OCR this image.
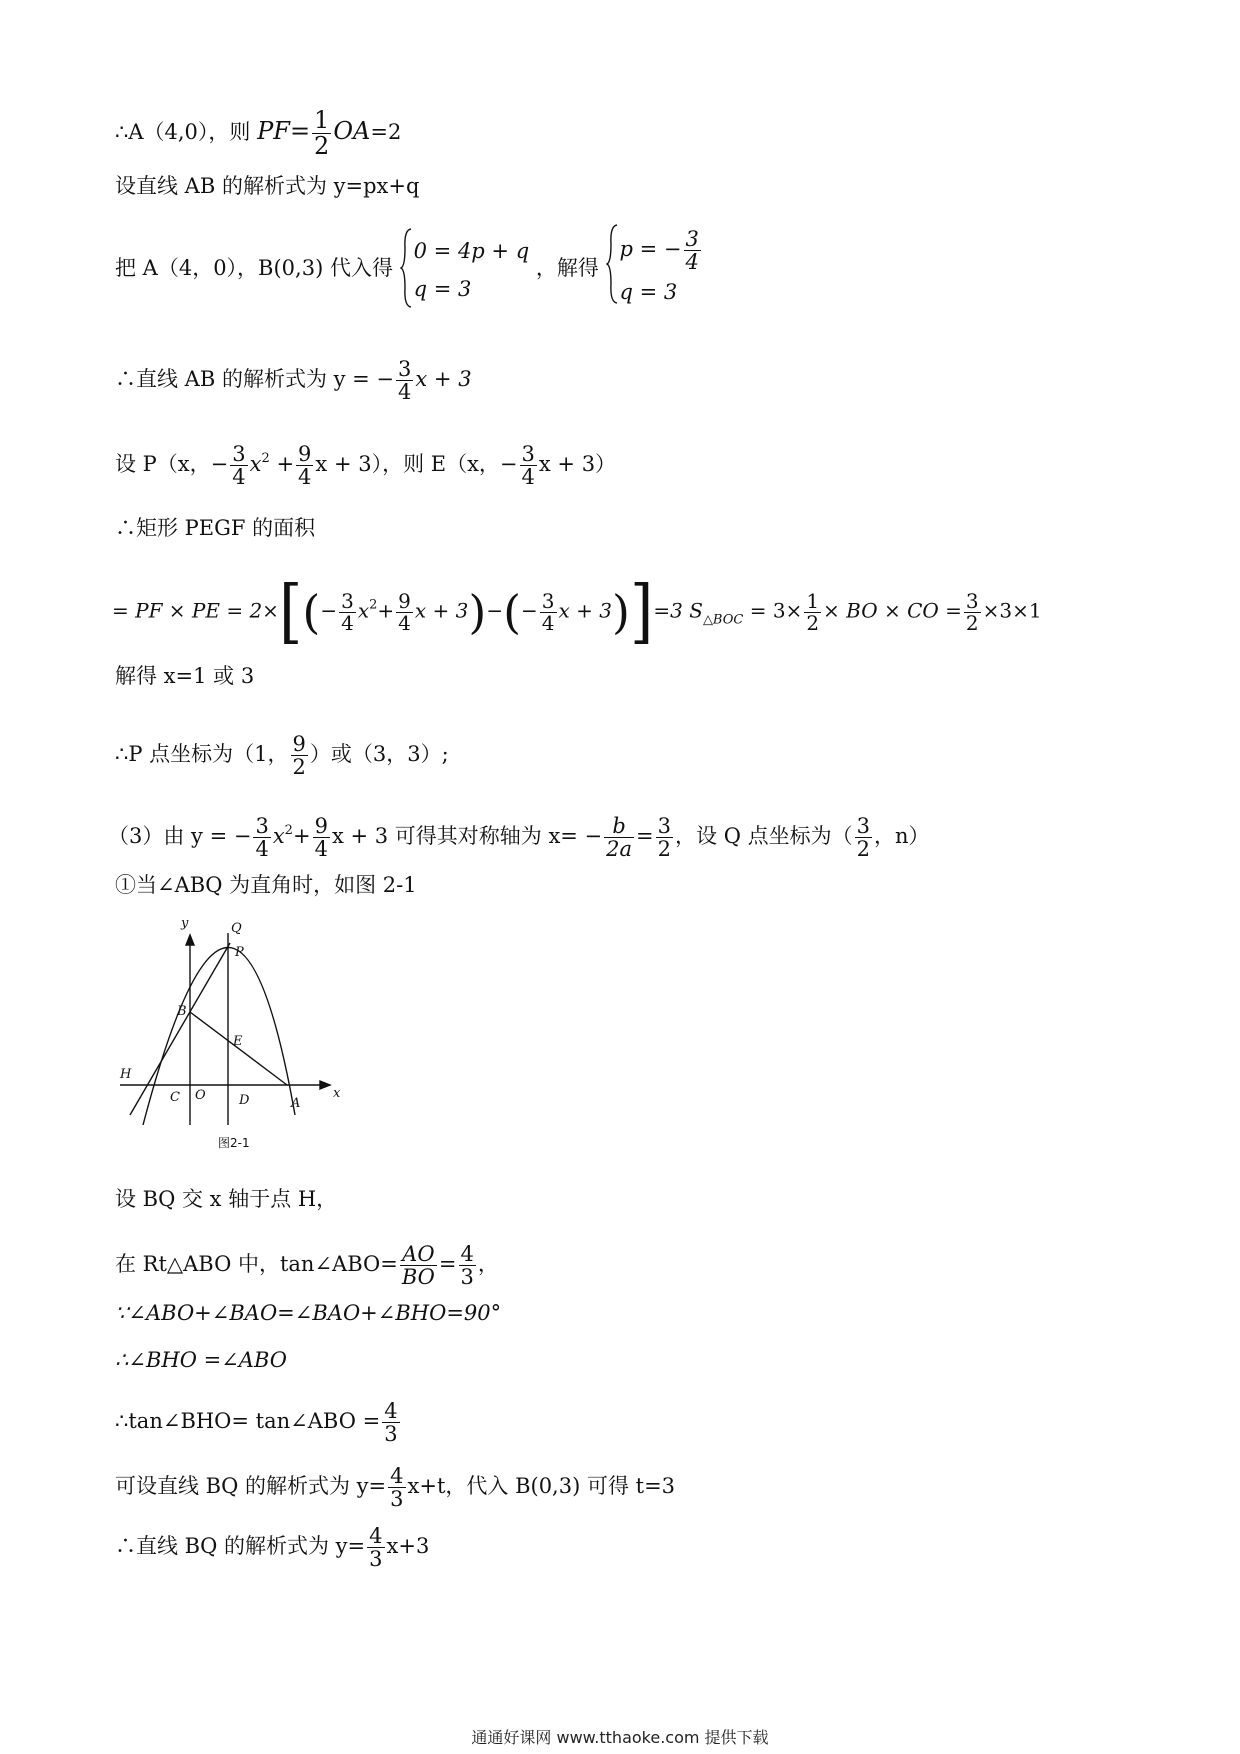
∴A（4,0），则 $PF= \frac{1}{2} OA=2$
设直线 AB 的解析式为 y=px+q
把 A（4，0），B(0,3) 代入得
0 = 4p + q
q = 3
，解得
p = − $\frac{3}{4}$
q = 3
∴直线 AB 的解析式为 y = − $\frac{3}{4}$ x + 3
设 P（x，− $\frac{3}{4} x^2 + \frac{9}{4}$ x + 3），则 E（x，− $\frac{3}{4}$ x + 3）
∴矩形 PEGF 的面积
= PF × PE = $2\times[(- \frac{3}{4} x^2+ \frac{9}{4}$ $x + 3)-(- \frac{3}{4}$ x + 3)]=3 $S_{\triangle BOC} = 3\times \frac{1}{2}$ × BO × CO = $\frac{3}{2} \times 3\times 1$
解得 x=1 或 3
∴P 点坐标为（1， $\frac{9}{2}$ ）或（3，3）;
（3）由 y = − $\frac{3}{4} x^2+ \frac{9}{4}$ x + 3 可得其对称轴为 $x= - \frac{b}{2a} = \frac{3}{2}$ ，设 Q 点坐标为（ $\frac{3}{2}$ ，n）
①当∠ABQ 为直角时，如图 2-1
y	Q
P
B
E
H
C O	D	A
x
图2-1
设 BQ 交 x 轴于点 H，
在 Rt△ABO 中，tan∠ABO= $\frac{AO}{BO} = \frac{4}{3}$ ，
∵∠ABO+∠BAO=∠BAO+∠BHO=90°
∴∠BHO =∠ABO
∴tan∠BHO= tan∠ABO = $\frac{4}{3}$
可设直线 BQ 的解析式为 $y= \frac{4}{3} x+t$，代入 B(0,3) 可得 t=3
∴直线 BQ 的解析式为 $y= \frac{4}{3} x+3$
通通好课网 www.tthaoke.com 提供下载
